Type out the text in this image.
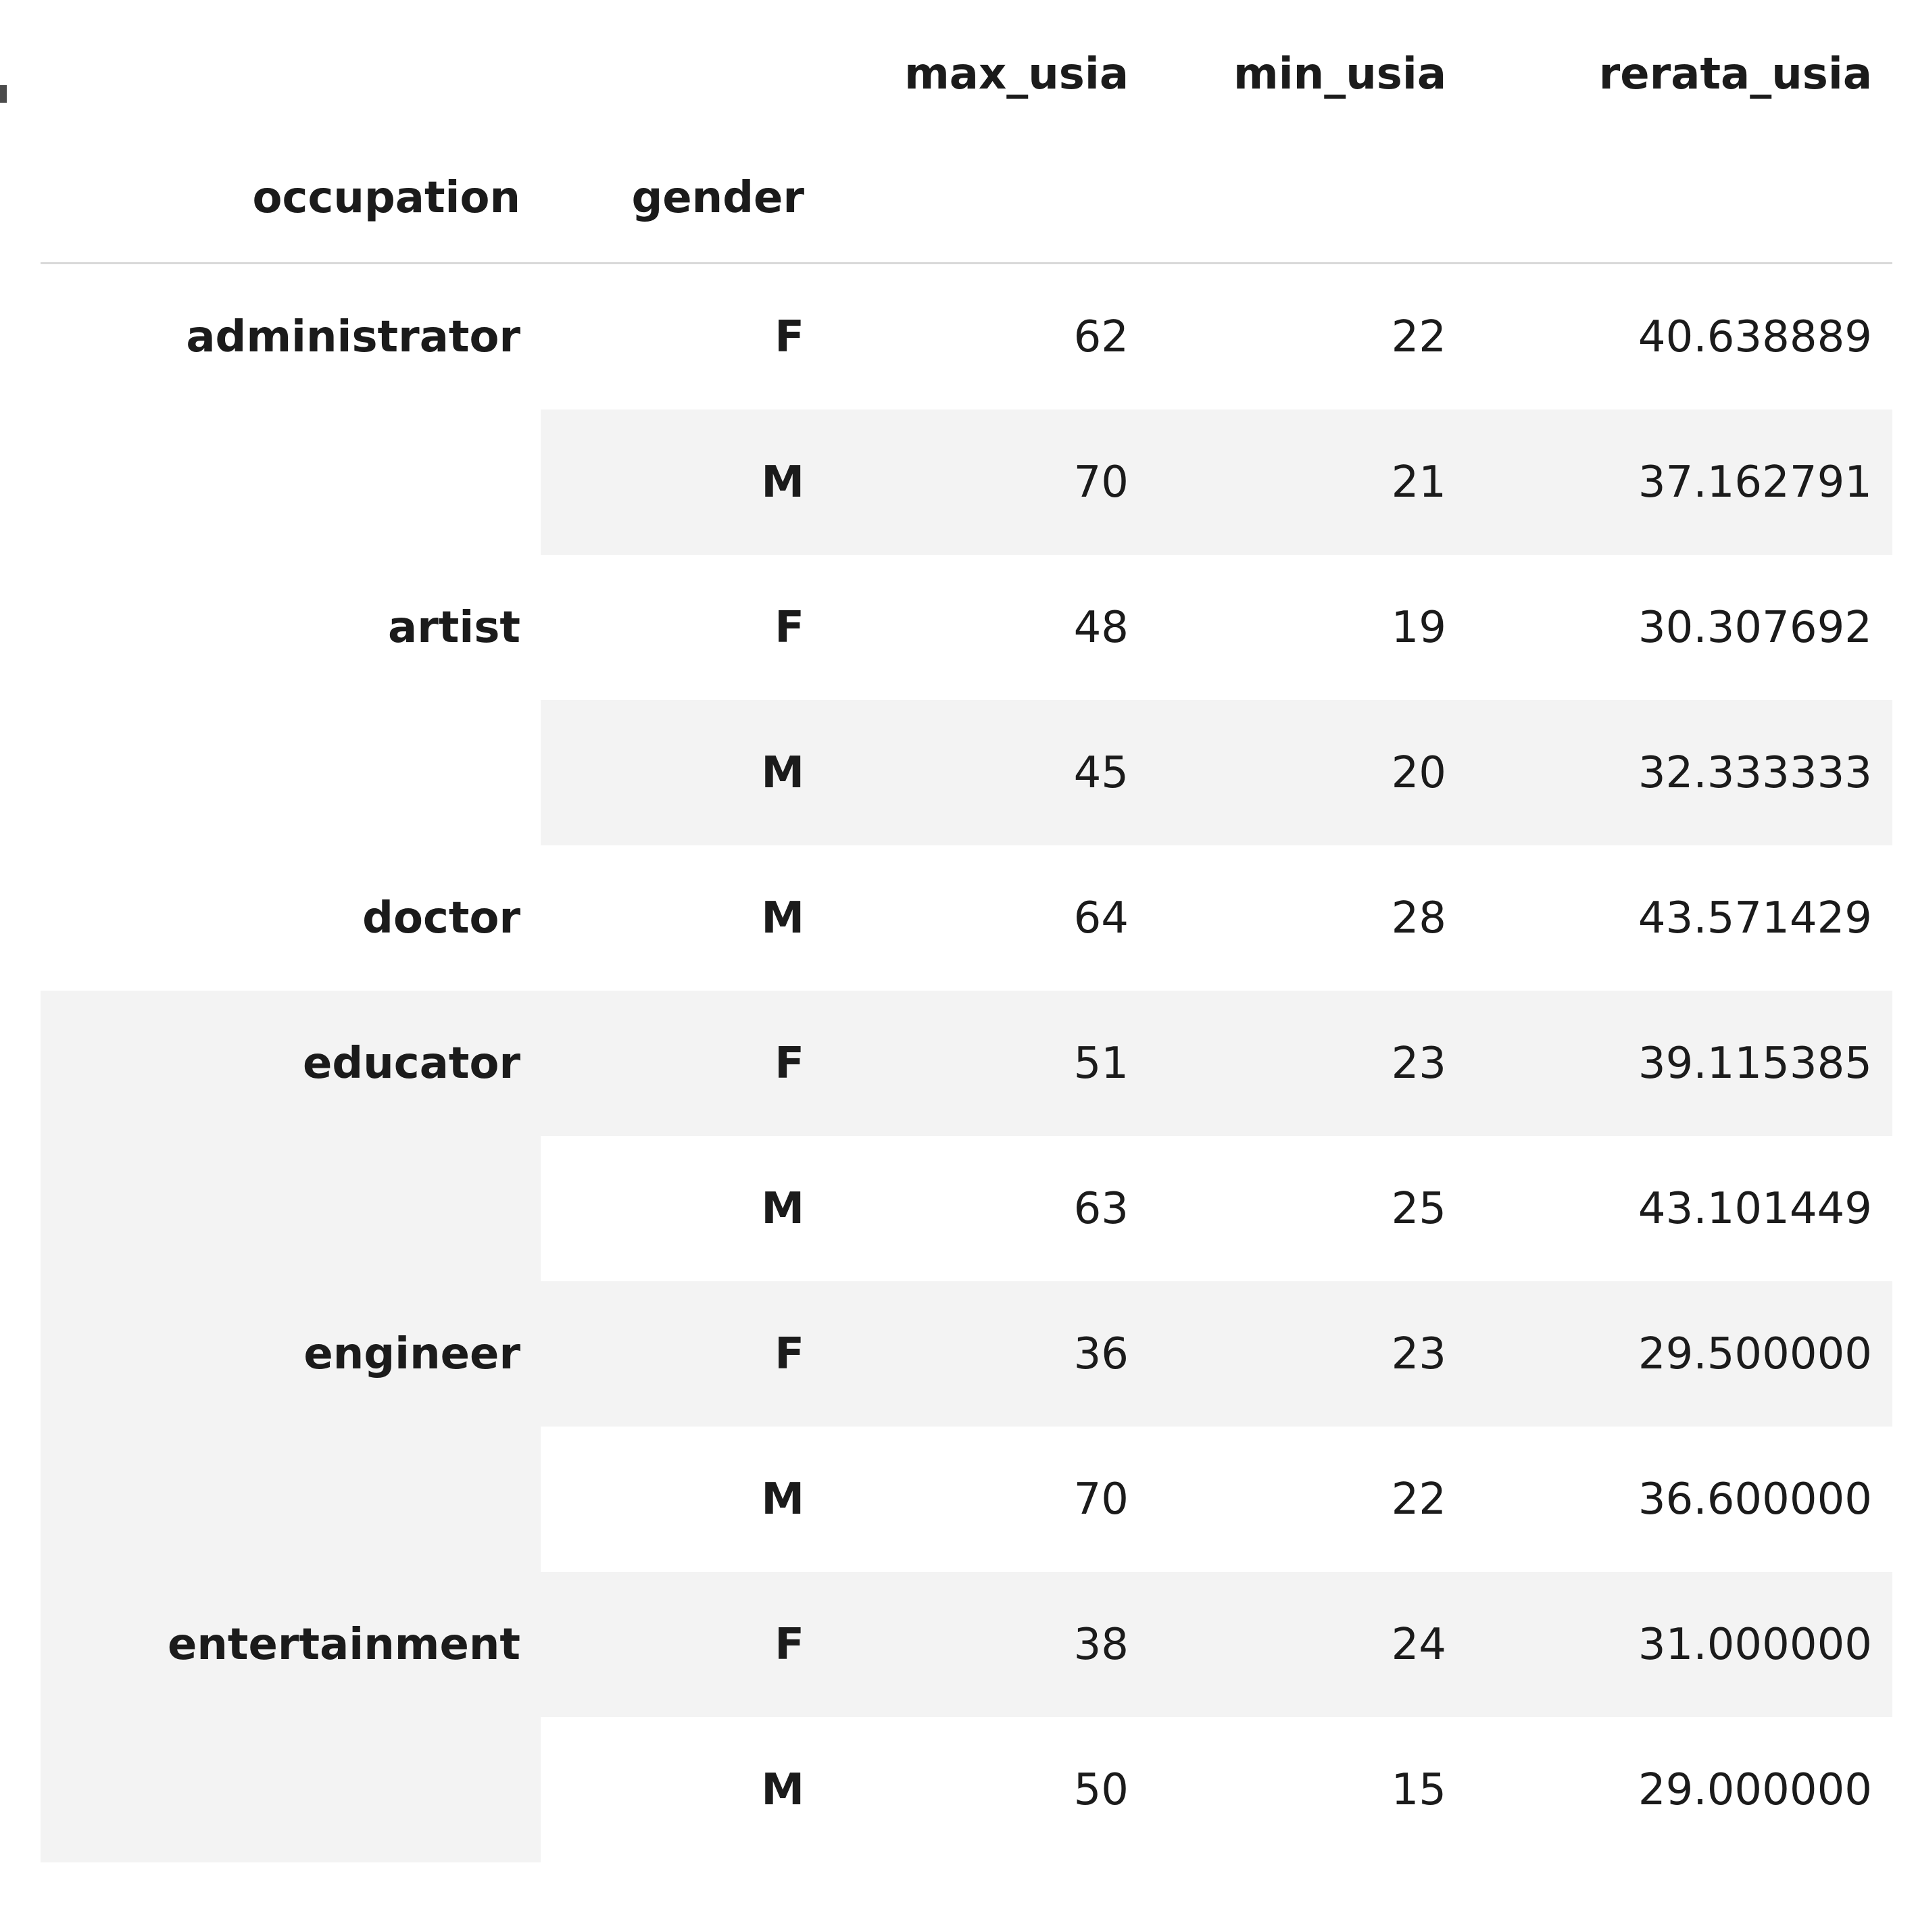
		max_usia	min_usia	rerata_usia
occupation	gender			

administrator	F	62	22	40.638889
	M	70	21	37.162791
artist	F	48	19	30.307692
	M	45	20	32.333333
doctor	M	64	28	43.571429
educator	F	51	23	39.115385
	M	63	25	43.101449
engineer	F	36	23	29.500000
	M	70	22	36.600000
entertainment	F	38	24	31.000000
	M	50	15	29.000000
